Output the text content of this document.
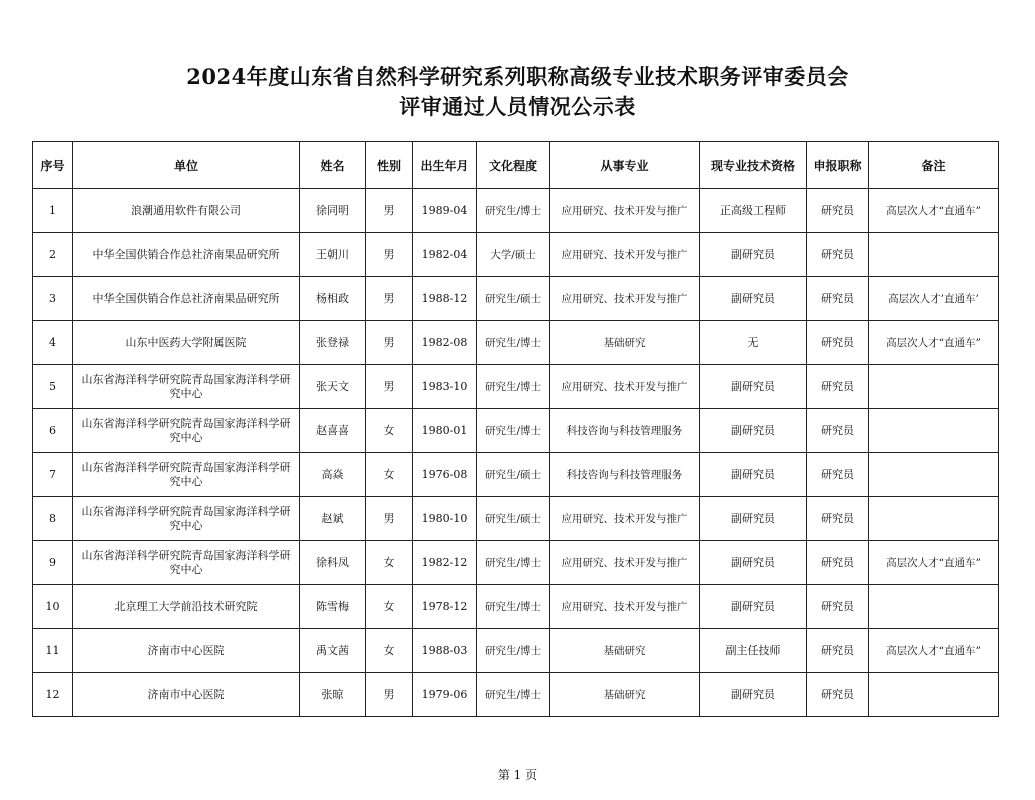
2024年度山东省自然科学研究系列职称高级专业技术职务评审委员会
评审通过人员情况公示表
序号	单位	姓名	性别	出生年月	文化程度	从事专业	现专业技术资格	申报职称	备注
1	浪潮通用软件有限公司	徐同明	男	1989-04	研究生/博士	应用研究、技术开发与推广	正高级工程师	研究员	高层次人才“直通车”
2	中华全国供销合作总社济南果品研究所	王朝川	男	1982-04	大学/硕士	应用研究、技术开发与推广	副研究员	研究员	
3	中华全国供销合作总社济南果品研究所	杨相政	男	1988-12	研究生/硕士	应用研究、技术开发与推广	副研究员	研究员	高层次人才’直通车’
4	山东中医药大学附属医院	张登禄	男	1982-08	研究生/博士	基础研究	无	研究员	高层次人才“直通车”
5	山东省海洋科学研究院青岛国家海洋科学研究中心	张天文	男	1983-10	研究生/博士	应用研究、技术开发与推广	副研究员	研究员	
6	山东省海洋科学研究院青岛国家海洋科学研究中心	赵喜喜	女	1980-01	研究生/博士	科技咨询与科技管理服务	副研究员	研究员	
7	山东省海洋科学研究院青岛国家海洋科学研究中心	高焱	女	1976-08	研究生/硕士	科技咨询与科技管理服务	副研究员	研究员	
8	山东省海洋科学研究院青岛国家海洋科学研究中心	赵斌	男	1980-10	研究生/硕士	应用研究、技术开发与推广	副研究员	研究员	
9	山东省海洋科学研究院青岛国家海洋科学研究中心	徐科凤	女	1982-12	研究生/博士	应用研究、技术开发与推广	副研究员	研究员	高层次人才“直通车”
10	北京理工大学前沿技术研究院	陈雪梅	女	1978-12	研究生/博士	应用研究、技术开发与推广	副研究员	研究员	
11	济南市中心医院	禹文茜	女	1988-03	研究生/博士	基础研究	副主任技师	研究员	高层次人才“直通车”
12	济南市中心医院	张晾	男	1979-06	研究生/博士	基础研究	副研究员	研究员	
第 1 页
